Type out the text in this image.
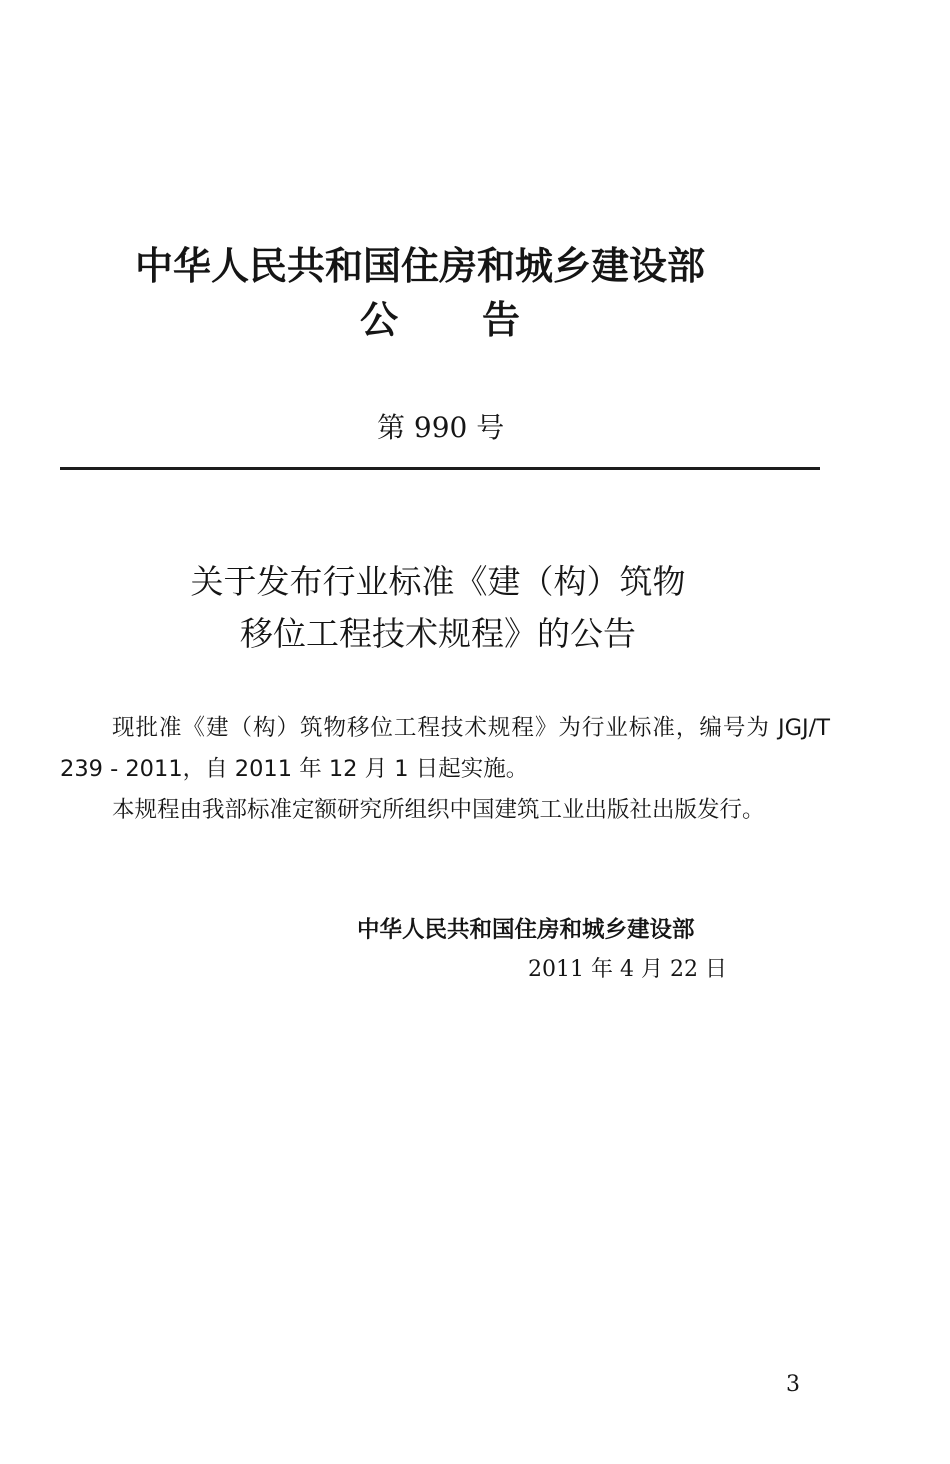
中华人民共和国住房和城乡建设部
公告
第 990 号
关于发布行业标准《建（构）筑物
移位工程技术规程》的公告

现批准《建（构）筑物移位工程技术规程》为行业标准，编号为 JGJ/T 239 - 2011，自 2011 年 12 月 1 日起实施。

本规程由我部标准定额研究所组织中国建筑工业出版社出版发行。

中华人民共和国住房和城乡建设部
2011 年 4 月 22 日
3
